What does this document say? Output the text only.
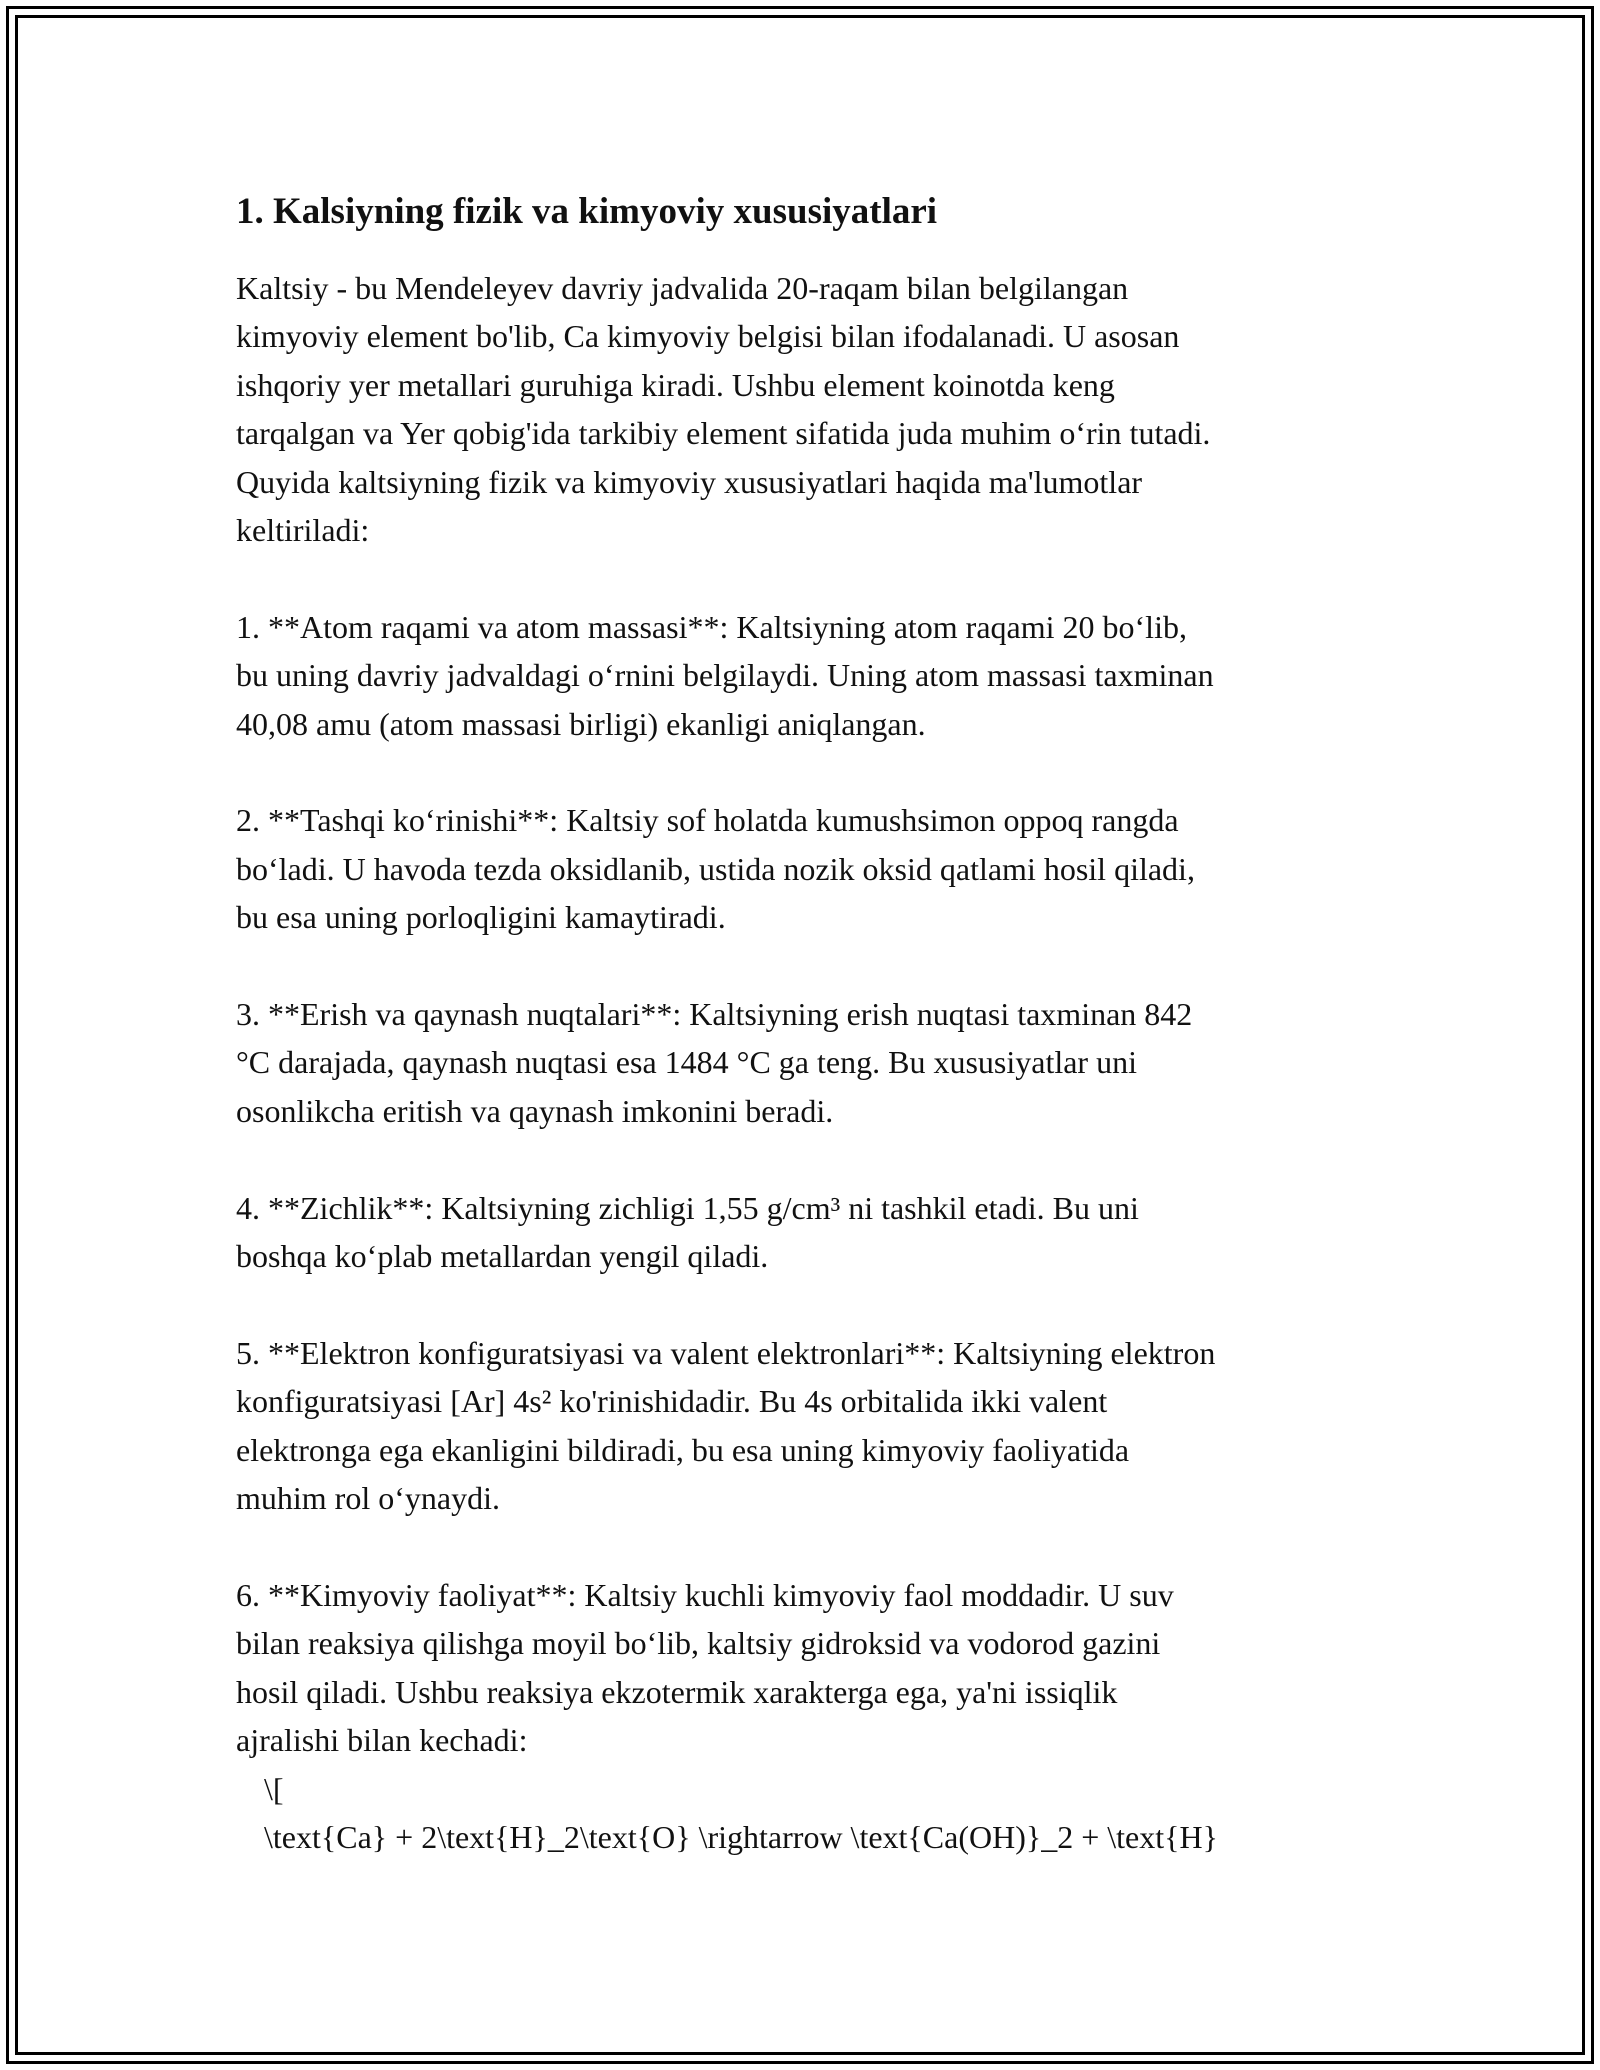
1. Kalsiyning fizik va kimyoviy xususiyatlari

Kaltsiy - bu Mendeleyev davriy jadvalida 20-raqam bilan belgilangan
kimyoviy element bo'lib, Ca kimyoviy belgisi bilan ifodalanadi. U asosan
ishqoriy yer metallari guruhiga kiradi. Ushbu element koinotda keng
tarqalgan va Yer qobig'ida tarkibiy element sifatida juda muhim o‘rin tutadi.
Quyida kaltsiyning fizik va kimyoviy xususiyatlari haqida ma'lumotlar
keltiriladi:

1. **Atom raqami va atom massasi**: Kaltsiyning atom raqami 20 bo‘lib,
bu uning davriy jadvaldagi o‘rnini belgilaydi. Uning atom massasi taxminan
40,08 amu (atom massasi birligi) ekanligi aniqlangan.

2. **Tashqi ko‘rinishi**: Kaltsiy sof holatda kumushsimon oppoq rangda
bo‘ladi. U havoda tezda oksidlanib, ustida nozik oksid qatlami hosil qiladi,
bu esa uning porloqligini kamaytiradi.

3. **Erish va qaynash nuqtalari**: Kaltsiyning erish nuqtasi taxminan 842
°C darajada, qaynash nuqtasi esa 1484 °C ga teng. Bu xususiyatlar uni
osonlikcha eritish va qaynash imkonini beradi.

4. **Zichlik**: Kaltsiyning zichligi 1,55 g/cm³ ni tashkil etadi. Bu uni
boshqa ko‘plab metallardan yengil qiladi.

5. **Elektron konfiguratsiyasi va valent elektronlari**: Kaltsiyning elektron
konfiguratsiyasi [Ar] 4s² ko'rinishidadir. Bu 4s orbitalida ikki valent
elektronga ega ekanligini bildiradi, bu esa uning kimyoviy faoliyatida
muhim rol o‘ynaydi.

6. **Kimyoviy faoliyat**: Kaltsiy kuchli kimyoviy faol moddadir. U suv
bilan reaksiya qilishga moyil bo‘lib, kaltsiy gidroksid va vodorod gazini
hosil qiladi. Ushbu reaksiya ekzotermik xarakterga ega, ya'ni issiqlik
ajralishi bilan kechadi:

\[

\text{Ca} + 2\text{H}_2\text{O} \rightarrow \text{Ca(OH)}_2 + \text{H}
